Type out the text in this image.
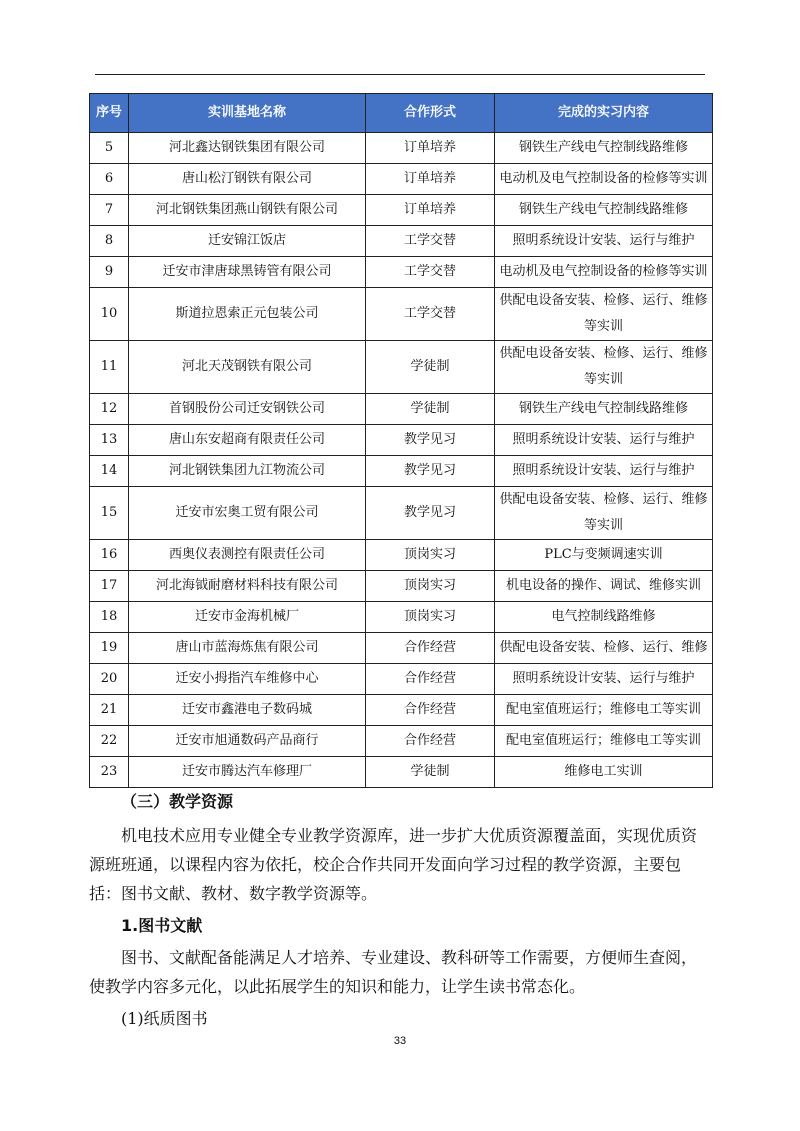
序号	实训基地名称	合作形式	完成的实习内容
5	河北鑫达钢铁集团有限公司	订单培养	钢铁生产线电气控制线路维修
6	唐山松汀钢铁有限公司	订单培养	电动机及电气控制设备的检修等实训
7	河北钢铁集团燕山钢铁有限公司	订单培养	钢铁生产线电气控制线路维修
8	迁安锦江饭店	工学交替	照明系统设计安装、运行与维护
9	迁安市津唐球黑铸管有限公司	工学交替	电动机及电气控制设备的检修等实训
10	斯道拉恩索正元包装公司	工学交替	供配电设备安装、检修、运行、维修等实训
11	河北天茂钢铁有限公司	学徒制	供配电设备安装、检修、运行、维修等实训
12	首钢股份公司迁安钢铁公司	学徒制	钢铁生产线电气控制线路维修
13	唐山东安超商有限责任公司	教学见习	照明系统设计安装、运行与维护
14	河北钢铁集团九江物流公司	教学见习	照明系统设计安装、运行与维护
15	迁安市宏奥工贸有限公司	教学见习	供配电设备安装、检修、运行、维修等实训
16	西奥仪表测控有限责任公司	顶岗实习	PLC与变频调速实训
17	河北海钺耐磨材料科技有限公司	顶岗实习	机电设备的操作、调试、维修实训
18	迁安市金海机械厂	顶岗实习	电气控制线路维修
19	唐山市蓝海炼焦有限公司	合作经营	供配电设备安装、检修、运行、维修
20	迁安小拇指汽车维修中心	合作经营	照明系统设计安装、运行与维护
21	迁安市鑫港电子数码城	合作经营	配电室值班运行；维修电工等实训
22	迁安市旭通数码产品商行	合作经营	配电室值班运行；维修电工等实训
23	迁安市腾达汽车修理厂	学徒制	维修电工实训
（三）教学资源
机电技术应用专业健全专业教学资源库，进一步扩大优质资源覆盖面，实现优质资源班班通，以课程内容为依托，校企合作共同开发面向学习过程的教学资源，主要包括：图书文献、教材、数字教学资源等。
1.图书文献
图书、文献配备能满足人才培养、专业建设、教科研等工作需要，方便师生查阅，使教学内容多元化，以此拓展学生的知识和能力，让学生读书常态化。
(1)纸质图书
33
